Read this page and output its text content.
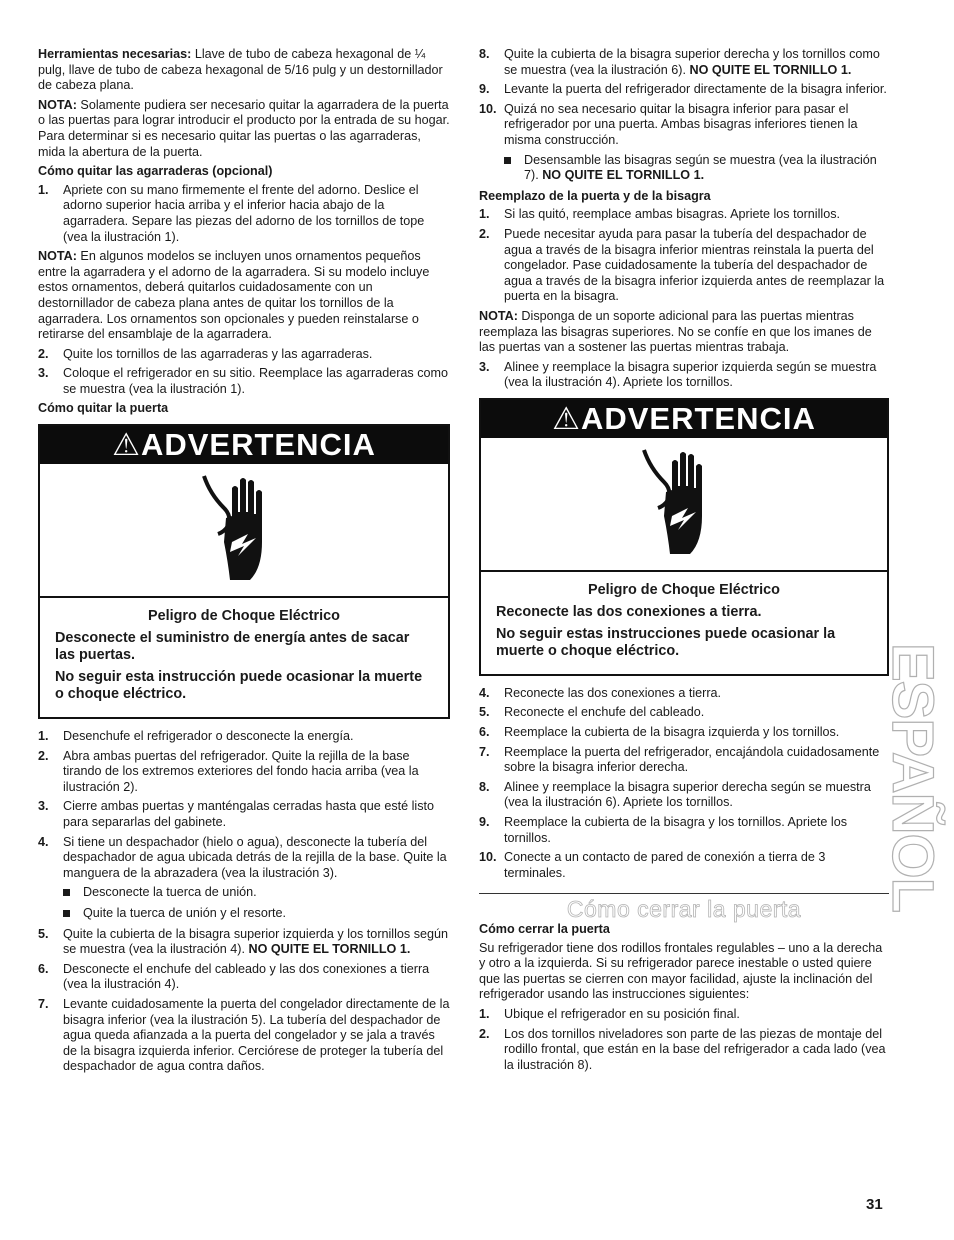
Herramientas necesarias: Llave de tubo de cabeza hexagonal de ¼ pulg, llave de tubo de cabeza hexagonal de 5/16 pulg y un destornillador de cabeza plana.

NOTA: Solamente pudiera ser necesario quitar la agarradera de la puerta o las puertas para lograr introducir el producto por la entrada de su hogar. Para determinar si es necesario quitar las puertas o las agarraderas, mida la abertura de la puerta.

Cómo quitar las agarraderas (opcional)
1. Apriete con su mano firmemente el frente del adorno. Deslice el adorno superior hacia arriba y el inferior hacia abajo de la agarradera. Separe las piezas del adorno de los tornillos de tope (vea la ilustración 1).

NOTA: En algunos modelos se incluyen unos ornamentos pequeños entre la agarradera y el adorno de la agarradera. Si su modelo incluye estos ornamentos, deberá quitarlos cuidadosamente con un destornillador de cabeza plana antes de quitar los tornillos de la agarradera. Los ornamentos son opcionales y pueden reinstalarse o retirarse del ensamblaje de la agarradera.

2. Quite los tornillos de las agarraderas y las agarraderas.
3. Coloque el refrigerador en su sitio. Reemplace las agarraderas como se muestra (vea la ilustración 1).
Cómo quitar la puerta
⚠ADVERTENCIA

Peligro de Choque Eléctrico

Desconecte el suministro de energía antes de sacar las puertas.

No seguir esta instrucción puede ocasionar la muerte o choque eléctrico.

1. Desenchufe el refrigerador o desconecte la energía.
2. Abra ambas puertas del refrigerador. Quite la rejilla de la base tirando de los extremos exteriores del fondo hacia arriba (vea la ilustración 2).
3. Cierre ambas puertas y manténgalas cerradas hasta que esté listo para separarlas del gabinete.
4. Si tiene un despachador (hielo o agua), desconecte la tubería del despachador de agua ubicada detrás de la rejilla de la base. Quite la manguera de la abrazadera (vea la ilustración 3).
Desconecte la tuerca de unión.
Quite la tuerca de unión y el resorte.
5. Quite la cubierta de la bisagra superior izquierda y los tornillos según se muestra (vea la ilustración 4). NO QUITE EL TORNILLO 1.
6. Desconecte el enchufe del cableado y las dos conexiones a tierra (vea la ilustración 4).
7. Levante cuidadosamente la puerta del congelador directamente de la bisagra inferior (vea la ilustración 5). La tubería del despachador de agua queda afianzada a la puerta del congelador y se jala a través de la bisagra izquierda inferior. Cerciórese de proteger la tubería del despachador de agua contra daños.
8. Quite la cubierta de la bisagra superior derecha y los tornillos como se muestra (vea la ilustración 6). NO QUITE EL TORNILLO 1.
9. Levante la puerta del refrigerador directamente de la bisagra inferior.
10. Quizá no sea necesario quitar la bisagra inferior para pasar el refrigerador por una puerta. Ambas bisagras inferiores tienen la misma construcción.
Desensamble las bisagras según se muestra (vea la ilustración 7). NO QUITE EL TORNILLO 1.
Reemplazo de la puerta y de la bisagra
1. Si las quitó, reemplace ambas bisagras. Apriete los tornillos.
2. Puede necesitar ayuda para pasar la tubería del despachador de agua a través de la bisagra inferior mientras reinstala la puerta del congelador. Pase cuidadosamente la tubería del despachador de agua a través de la bisagra inferior izquierda antes de reemplazar la puerta en la bisagra.

NOTA: Disponga de un soporte adicional para las puertas mientras reemplaza las bisagras superiores. No se confíe en que los imanes de las puertas van a sostener las puertas mientras trabaja.

3. Alinee y reemplace la bisagra superior izquierda según se muestra (vea la ilustración 4). Apriete los tornillos.
⚠ADVERTENCIA

Peligro de Choque Eléctrico

Reconecte las dos conexiones a tierra.

No seguir estas instrucciones puede ocasionar la muerte o choque eléctrico.

4. Reconecte las dos conexiones a tierra.
5. Reconecte el enchufe del cableado.
6. Reemplace la cubierta de la bisagra izquierda y los tornillos.
7. Reemplace la puerta del refrigerador, encajándola cuidadosamente sobre la bisagra inferior derecha.
8. Alinee y reemplace la bisagra superior derecha según se muestra (vea la ilustración 6). Apriete los tornillos.
9. Reemplace la cubierta de la bisagra y los tornillos. Apriete los tornillos.
10. Conecte a un contacto de pared de conexión a tierra de 3 terminales.
Cómo cerrar la puerta
Cómo cerrar la puerta

Su refrigerador tiene dos rodillos frontales regulables – uno a la derecha y otro a la izquierda. Si su refrigerador parece inestable o usted quiere que las puertas se cierren con mayor facilidad, ajuste la inclinación del refrigerador usando las instrucciones siguientes:

1. Ubique el refrigerador en su posición final.
2. Los dos tornillos niveladores son parte de las piezas de montaje del rodillo frontal, que están en la base del refrigerador a cada lado (vea la ilustración 8).
ESPAÑOL
31
